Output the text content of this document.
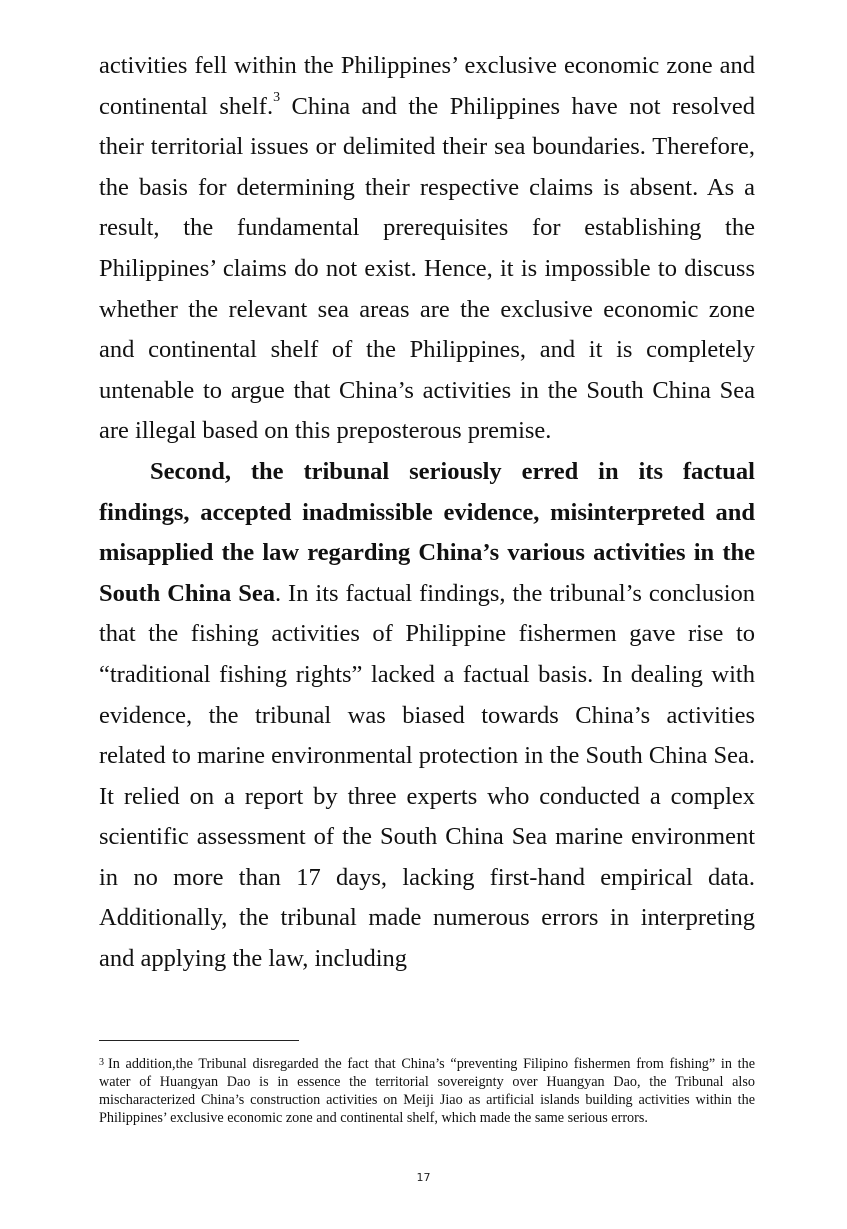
activities fell within the Philippines’ exclusive economic zone and continental shelf.$^3$ China and the Philippines have not resolved their territorial issues or delimited their sea boundaries. Therefore, the basis for determining their respective claims is absent. As a result, the fundamental prerequisites for establishing the Philippines’ claims do not exist. Hence, it is impossible to discuss whether the relevant sea areas are the exclusive economic zone and continental shelf of the Philippines, and it is completely untenable to argue that China’s activities in the South China Sea are illegal based on this preposterous premise.

Second, the tribunal seriously erred in its factual findings, accepted inadmissible evidence, misinterpreted and misapplied the law regarding China’s various activities in the South China Sea. In its factual findings, the tribunal’s conclusion that the fishing activities of Philippine fishermen gave rise to “traditional fishing rights” lacked a factual basis. In dealing with evidence, the tribunal was biased towards China’s activities related to marine environmental protection in the South China Sea. It relied on a report by three experts who conducted a complex scientific assessment of the South China Sea marine environment in no more than 17 days, lacking first-hand empirical data. Additionally, the tribunal made numerous errors in interpreting and applying the law, including

$^3$ In addition,the Tribunal disregarded the fact that China’s “preventing Filipino fishermen from fishing” in the water of Huangyan Dao is in essence the territorial sovereignty over Huangyan Dao, the Tribunal also mischaracterized China’s construction activities on Meiji Jiao as artificial islands building activities within the Philippines’ exclusive economic zone and continental shelf, which made the same serious errors.

17
